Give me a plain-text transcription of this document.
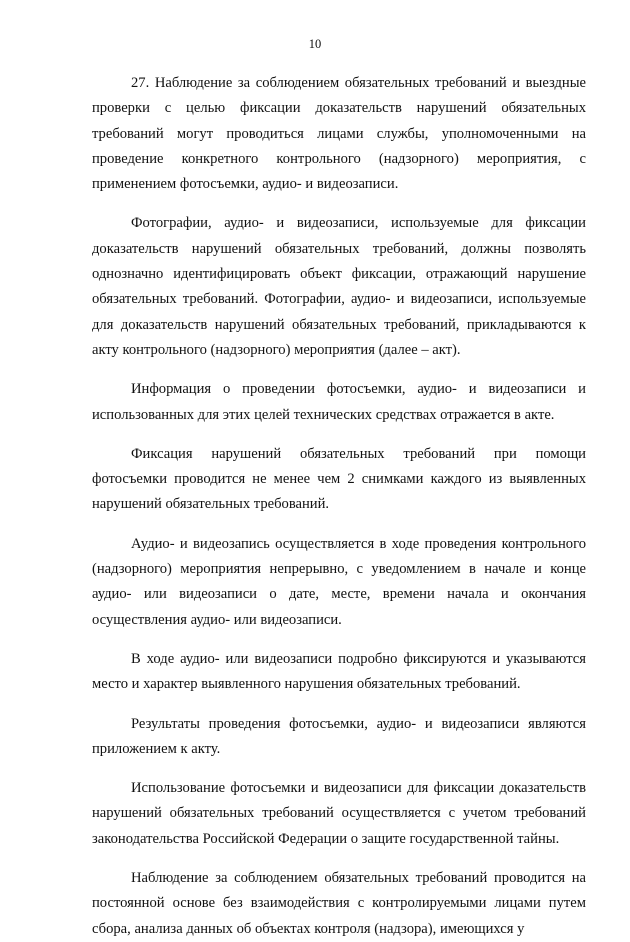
10

27. Наблюдение за соблюдением обязательных требований и выездные проверки с целью фиксации доказательств нарушений обязательных требований могут проводиться лицами службы, уполномоченными на проведение конкретного контрольного (надзорного) мероприятия, с применением фотосъемки, аудио- и видеозаписи.

Фотографии, аудио- и видеозаписи, используемые для фиксации доказательств нарушений обязательных требований, должны позволять однозначно идентифицировать объект фиксации, отражающий нарушение обязательных требований. Фотографии, аудио- и видеозаписи, используемые для доказательств нарушений обязательных требований, прикладываются к акту контрольного (надзорного) мероприятия (далее – акт).

Информация о проведении фотосъемки, аудио- и видеозаписи и использованных для этих целей технических средствах отражается в акте.

Фиксация нарушений обязательных требований при помощи фотосъемки проводится не менее чем 2 снимками каждого из выявленных нарушений обязательных требований.

Аудио- и видеозапись осуществляется в ходе проведения контрольного (надзорного) мероприятия непрерывно, с уведомлением в начале и конце аудио- или видеозаписи о дате, месте, времени начала и окончания осуществления аудио- или видеозаписи.

В ходе аудио- или видеозаписи подробно фиксируются и указываются место и характер выявленного нарушения обязательных требований.

Результаты проведения фотосъемки, аудио- и видеозаписи являются приложением к акту.

Использование фотосъемки и видеозаписи для фиксации доказательств нарушений обязательных требований осуществляется с учетом требований законодательства Российской Федерации о защите государственной тайны.

Наблюдение за соблюдением обязательных требований проводится на постоянной основе без взаимодействия с контролируемыми лицами путем сбора, анализа данных об объектах контроля (надзора), имеющихся у
